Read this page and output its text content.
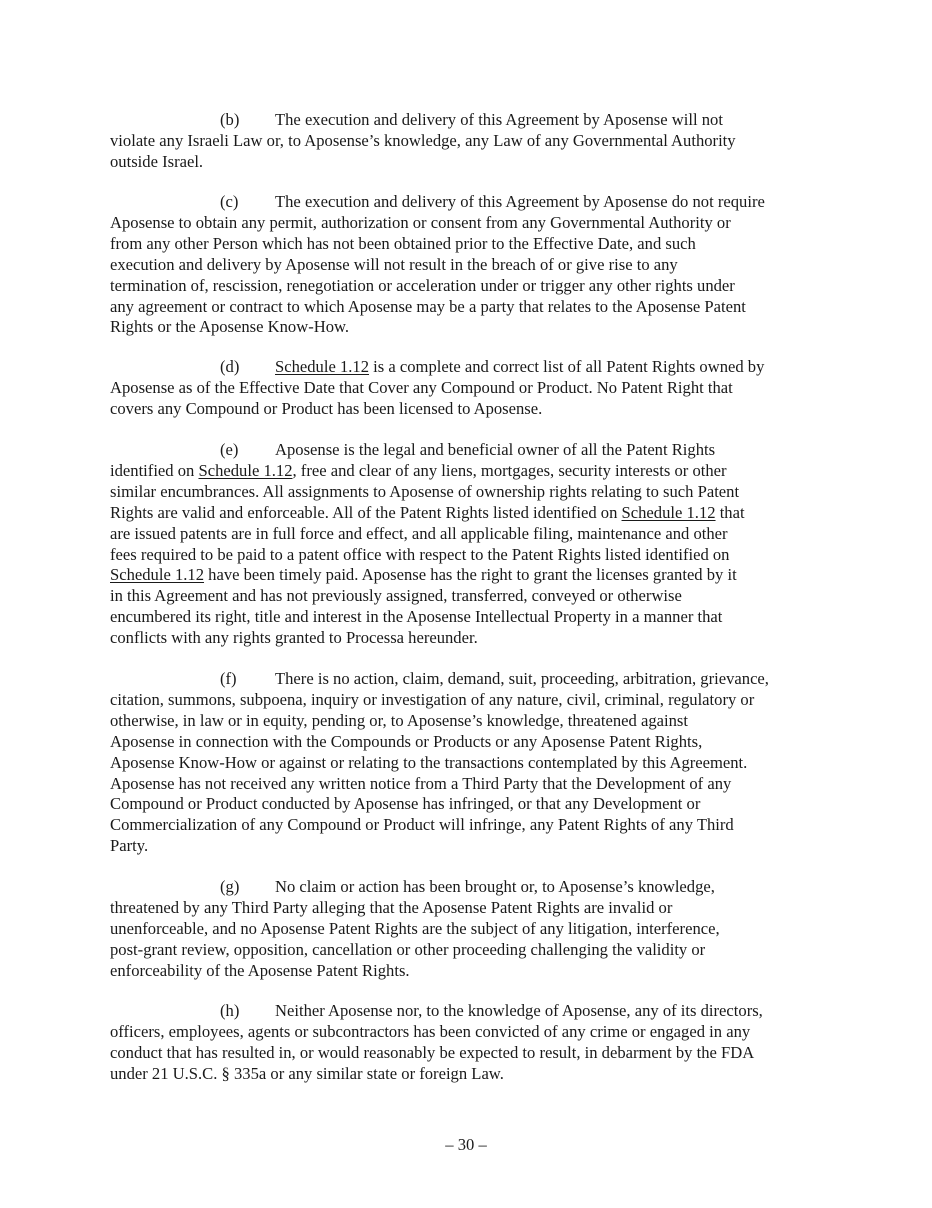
(b) The execution and delivery of this Agreement by Aposense will not
violate any Israeli Law or, to Aposense’s knowledge, any Law of any Governmental Authority
outside Israel.
(c) The execution and delivery of this Agreement by Aposense do not require
Aposense to obtain any permit, authorization or consent from any Governmental Authority or
from any other Person which has not been obtained prior to the Effective Date, and such
execution and delivery by Aposense will not result in the breach of or give rise to any
termination of, rescission, renegotiation or acceleration under or trigger any other rights under
any agreement or contract to which Aposense may be a party that relates to the Aposense Patent
Rights or the Aposense Know-How.
(d) Schedule 1.12 is a complete and correct list of all Patent Rights owned by
Aposense as of the Effective Date that Cover any Compound or Product. No Patent Right that
covers any Compound or Product has been licensed to Aposense.
(e) Aposense is the legal and beneficial owner of all the Patent Rights
identified on Schedule 1.12, free and clear of any liens, mortgages, security interests or other
similar encumbrances. All assignments to Aposense of ownership rights relating to such Patent
Rights are valid and enforceable. All of the Patent Rights listed identified on Schedule 1.12 that
are issued patents are in full force and effect, and all applicable filing, maintenance and other
fees required to be paid to a patent office with respect to the Patent Rights listed identified on
Schedule 1.12 have been timely paid. Aposense has the right to grant the licenses granted by it
in this Agreement and has not previously assigned, transferred, conveyed or otherwise
encumbered its right, title and interest in the Aposense Intellectual Property in a manner that
conflicts with any rights granted to Processa hereunder.
(f) There is no action, claim, demand, suit, proceeding, arbitration, grievance,
citation, summons, subpoena, inquiry or investigation of any nature, civil, criminal, regulatory or
otherwise, in law or in equity, pending or, to Aposense’s knowledge, threatened against
Aposense in connection with the Compounds or Products or any Aposense Patent Rights,
Aposense Know-How or against or relating to the transactions contemplated by this Agreement.
Aposense has not received any written notice from a Third Party that the Development of any
Compound or Product conducted by Aposense has infringed, or that any Development or
Commercialization of any Compound or Product will infringe, any Patent Rights of any Third
Party.
(g) No claim or action has been brought or, to Aposense’s knowledge,
threatened by any Third Party alleging that the Aposense Patent Rights are invalid or
unenforceable, and no Aposense Patent Rights are the subject of any litigation, interference,
post-grant review, opposition, cancellation or other proceeding challenging the validity or
enforceability of the Aposense Patent Rights.
(h) Neither Aposense nor, to the knowledge of Aposense, any of its directors,
officers, employees, agents or subcontractors has been convicted of any crime or engaged in any
conduct that has resulted in, or would reasonably be expected to result, in debarment by the FDA
under 21 U.S.C. § 335a or any similar state or foreign Law.
– 30 –
